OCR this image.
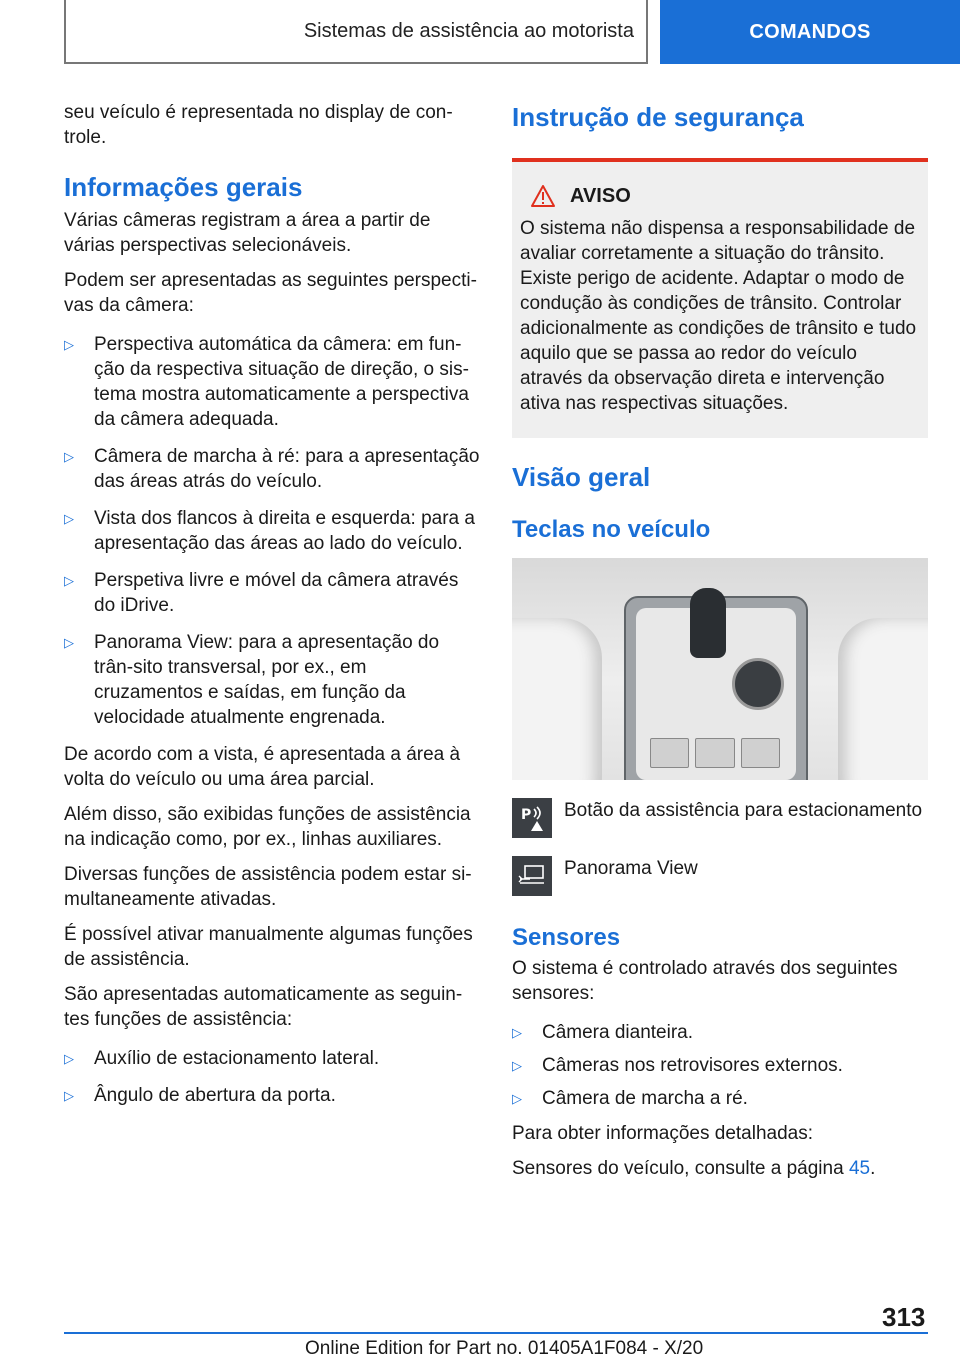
Sistemas de assistência ao motorista	COMANDOS

seu veículo é representada no display de con-
trole.

Informações gerais

Várias câmeras registram a área a partir de várias perspectivas selecionáveis.

Podem ser apresentadas as seguintes perspecti-vas da câmera:

▷ Perspectiva automática da câmera: em fun-ção da respectiva situação de direção, o sis-tema mostra automaticamente a perspectiva da câmera adequada.
▷ Câmera de marcha à ré: para a apresentação das áreas atrás do veículo.
▷ Vista dos flancos à direita e esquerda: para a apresentação das áreas ao lado do veículo.
▷ Perspetiva livre e móvel da câmera através do iDrive.
▷ Panorama View: para a apresentação do trân-sito transversal, por ex., em cruzamentos e saídas, em função da velocidade atualmente engrenada.

De acordo com a vista, é apresentada a área à volta do veículo ou uma área parcial.

Além disso, são exibidas funções de assistência na indicação como, por ex., linhas auxiliares.

Diversas funções de assistência podem estar si-multaneamente ativadas.

É possível ativar manualmente algumas funções de assistência.

São apresentadas automaticamente as seguin-tes funções de assistência:

▷ Auxílio de estacionamento lateral.
▷ Ângulo de abertura da porta.
Instrução de segurança
AVISO

O sistema não dispensa a responsabilidade de avaliar corretamente a situação do trânsito. Existe perigo de acidente. Adaptar o modo de condução às condições de trânsito. Controlar adicionalmente as condições de trânsito e tudo aquilo que se passa ao redor do veículo através da observação direta e intervenção ativa nas respectivas situações.

Visão geral
Teclas no veículo
P Botão da assistência para estacionamento

Panorama View

Sensores

O sistema é controlado através dos seguintes sensores:

▷ Câmera dianteira.
▷ Câmeras nos retrovisores externos.
▷ Câmera de marcha a ré.

Para obter informações detalhadas:

Sensores do veículo, consulte a página 45.

313
Online Edition for Part no. 01405A1F084 - X/20
